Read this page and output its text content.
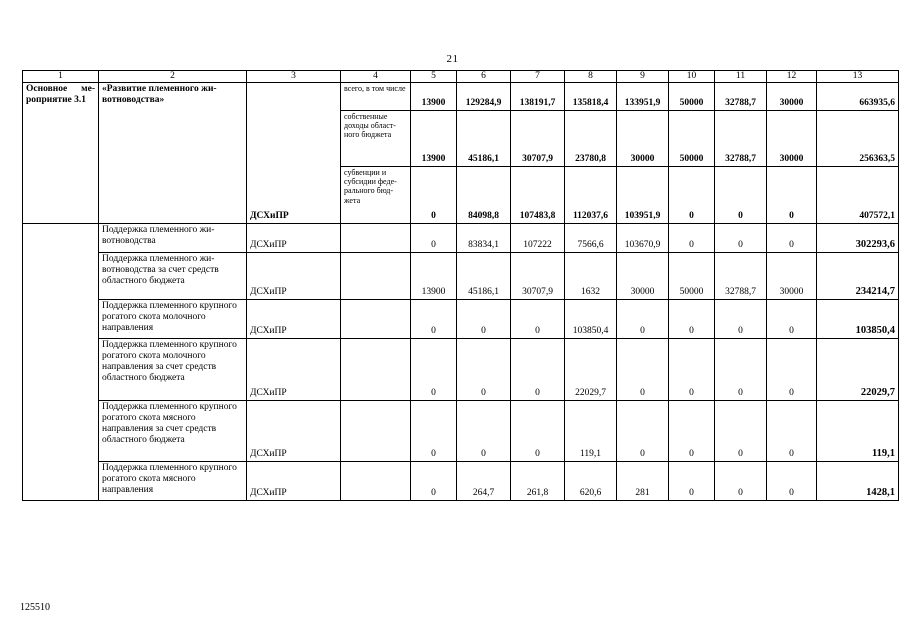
21
1	2	3	4	5	6	7	8	9	10	11	12	13
Основное ме-роприятие 3.1	«Развитие племенного жи-вотноводства»	ДСХиПР	всего, в том числе	13900	129284,9	138191,7	135818,4	133951,9	50000	32788,7	30000	663935,6
			собственные доходы област-ного бюджета	13900	45186,1	30707,9	23780,8	30000	50000	32788,7	30000	256363,5
			субвенции и субсидии феде-рального бюд-жета	0	84098,8	107483,8	112037,6	103951,9	0	0	0	407572,1
	Поддержка племенного жи-вотноводства	ДСХиПР		0	83834,1	107222	7566,6	103670,9	0	0	0	302293,6
	Поддержка племенного жи-вотноводства за счет средств областного бюджета	ДСХиПР		13900	45186,1	30707,9	1632	30000	50000	32788,7	30000	234214,7
	Поддержка племенного крупного рогатого скота молочного направления	ДСХиПР		0	0	0	103850,4	0	0	0	0	103850,4
	Поддержка племенного крупного рогатого скота молочного направления за счет средств областного бюджета	ДСХиПР		0	0	0	22029,7	0	0	0	0	22029,7
	Поддержка племенного крупного рогатого скота мясного направления за счет средств областного бюджета	ДСХиПР		0	0	0	119,1	0	0	0	0	119,1
	Поддержка племенного крупного рогатого скота мясного направления	ДСХиПР		0	264,7	261,8	620,6	281	0	0	0	1428,1
125510
